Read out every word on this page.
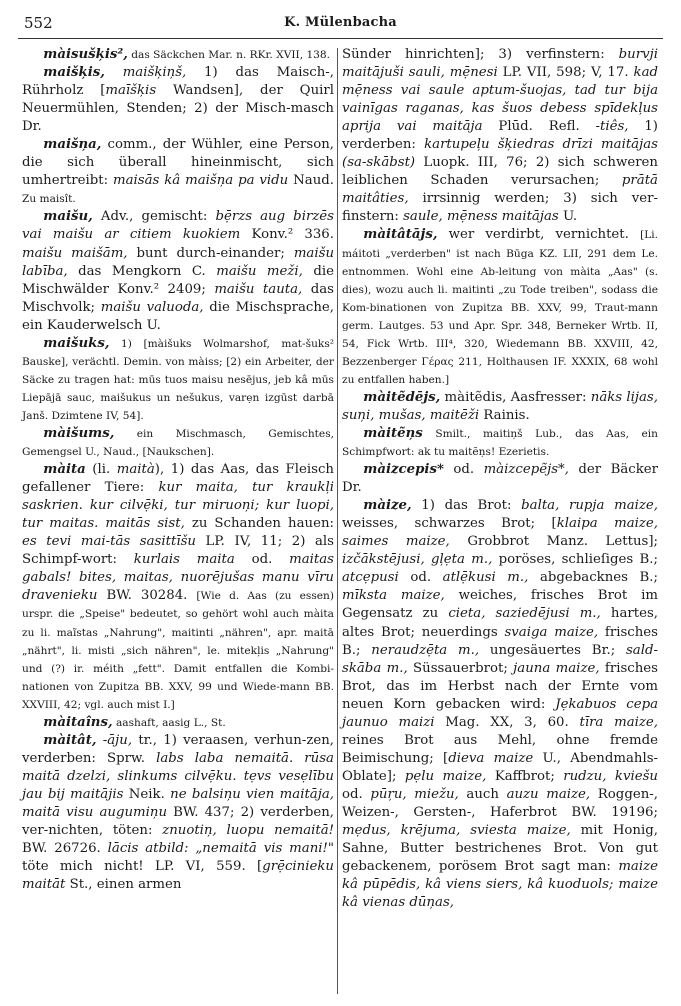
552	K. Mülenbacha

màisušķis², das Säckchen Mar. n. RKr. XVII, 138.

maišķis, maišķiņš, 1) das Maisch-, Rührholz [maīšķis Wandsen], der Quirl Neuermühlen, Stenden; 2) der Misch-masch Dr.

maišņa, comm., der Wühler, eine Person, die sich überall hineinmischt, sich umhertreibt: maisās kâ maišņa pa vidu Naud. Zu maisît.

maišu, Adv., gemischt: bẹ̄rzs aug birzēs vai maišu ar citiem kuokiem Konv.² 336. maišu maišām, bunt durch-einander; maišu labība, das Mengkorn C. maišu meži, die Mischwälder Konv.² 2409; maišu tauta, das Mischvolk; maišu valuoda, die Mischsprache, ein Kauderwelsch U.

maišuks, 1) [màišuks Wolmarshof, mat-šuks² Bauske], verächtl. Demin. von màiss; [2) ein Arbeiter, der Säcke zu tragen hat: mūs tuos maisu nesējus, jeb kâ mūs Liepājā sauc, maišukus un nešukus, varẹn izgūst darbā Janš. Dzimtene IV, 54].

màišums, ein Mischmasch, Gemischtes, Gemengsel U., Naud., [Naukschen].

màita (li. maità), 1) das Aas, das Fleisch gefallener Tiere: kur maita, tur kraukļi saskrien. kur cilvẹ̄ki, tur miruoņi; kur luopi, tur maitas. maitās sist, zu Schanden hauen: es tevi mai-tās sasittīšu LP. IV, 11; 2) als Schimpf-wort: kurlais maita od. maitas gabals! bites, maitas, nuorējušas manu vīru dravenieku BW. 30284. [Wie d. Aas (zu essen) urspr. die „Speise" bedeutet, so gehört wohl auch màita zu li. maĩstas „Nahrung", maitinti „nähren", apr. maitā „nährt", li. misti „sich nähren", le. mitekl̦is „Nahrung" und (?) ir. méith „fett". Damit entfallen die Kombi-nationen von Zupitza BB. XXV, 99 und Wiede-mann BB. XXVIII, 42; vgl. auch mist I.]

màitaîns, aashaft, aasig L., St.

màitât, -āju, tr., 1) veraasen, verhun-zen, verderben: Sprw. labs laba nemaitā. rūsa maitā dzelzi, slinkums cilvẹ̄ku. tẹvs vesẹlību jau bij maitājis Neik. ne balsiņu vien maitāja, maitā visu augumiņu BW. 437; 2) verderben, ver-nichten, töten: znuotiņ, luopu nemaitā! BW. 26726. lācis atbild: „nemaitā vis mani!" töte mich nicht! LP. VI, 559. [grẹ̄cinieku maitāt St., einen armen

Sünder hinrichten]; 3) verfinstern: burvji maitājuši sauli, mẹ̄nesi LP. VII, 598; V, 17. kad mẹ̄ness vai saule aptum-šuojas, tad tur bija vainīgas raganas, kas šuos debess spīdekļus aprija vai maitāja Plūd. Refl. -tiês, 1) verderben: kartupeļu šķiedras drīzi maitājas (sa-skābst) Luopk. III, 76; 2) sich schweren leiblichen Schaden verursachen; prātā maitâties, irrsinnig werden; 3) sich ver-finstern: saule, mẹ̄ness maitājas U.

màitâtājs, wer verdirbt, vernichtet. [Li. máitoti „verderben" ist nach Būga KZ. LII, 291 dem Le. entnommen. Wohl eine Ab-leitung von màita „Aas" (s. dies), wozu auch li. maitinti „zu Tode treiben", sodass die Kom-binationen von Zupitza BB. XXV, 99, Traut-mann germ. Lautges. 53 und Apr. Spr. 348, Berneker Wrtb. II, 54, Fick Wrtb. III⁴, 320, Wiedemann BB. XXVIII, 42, Bezzenberger Γέρας 211, Holthausen IF. XXXIX, 68 wohl zu entfallen haben.]

màitẽdējs, màitẽdis, Aasfresser: nāks lijas, suņi, mušas, maitēži Rainis.

màitẽņs Smilt., maitiņš Lub., das Aas, ein Schimpfwort: ak tu maitẽņs! Ezerietis.

màizcepis* od. màizcepẽjs*, der Bäcker Dr.

màize, 1) das Brot: balta, rupja maize, weisses, schwarzes Brot; [klaipa maize, saimes maize, Grobbrot Manz. Lettus]; izčākstējusi, gļẹta m., poröses, schlieſiges B.; atcẹpusi od. atlẹ̄kusi m., abgebacknes B.; mīksta maize, weiches, frisches Brot im Gegensatz zu cieta, saziedējusi m., hartes, altes Brot; neuerdings svaiga maize, frisches B.; neraudzẹ̄ta m., ungesäuertes Br.; sald-skāba m., Süssauerbrot; jauna maize, frisches Brot, das im Herbst nach der Ernte vom neuen Korn gebacken wird: Jẹkabuos cepa jaunuo maizi Mag. XX, 3, 60. tīra maize, reines Brot aus Mehl, ohne fremde Beimischung; [dieva maize U., Abendmahls-Oblate]; pẹlu maize, Kaffbrot; rudzu, kviešu od. pūŗu, miežu, auch auzu maize, Roggen-, Weizen-, Gersten-, Haferbrot BW. 19196; mẹdus, krējuma, sviesta maize, mit Honig, Sahne, Butter bestrichenes Brot. Von gut gebackenem, porösem Brot sagt man: maize kâ pūpēdis, kâ viens siers, kâ kuoduols; maize kâ vienas dūņas,
